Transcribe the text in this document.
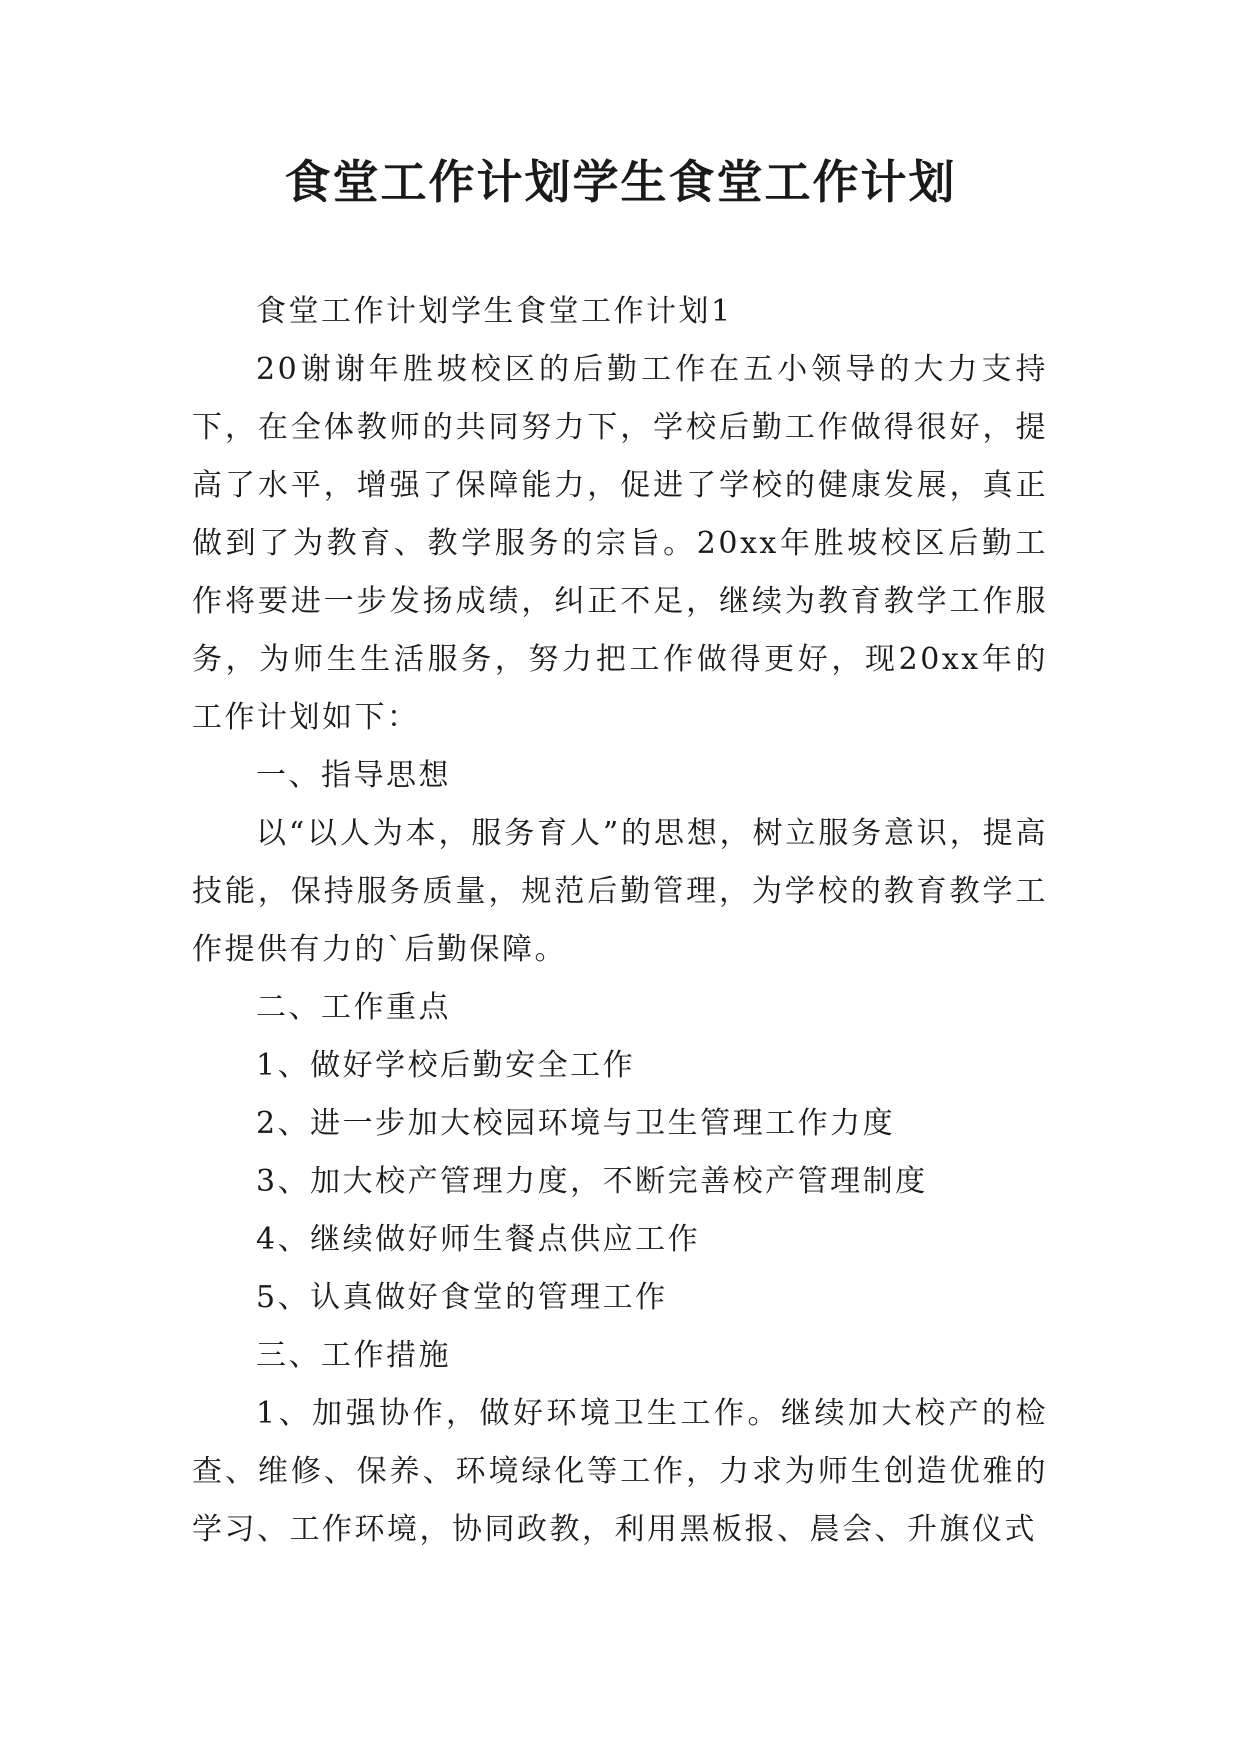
食堂工作计划学生食堂工作计划

食堂工作计划学生食堂工作计划1

20谢谢年胜坡校区的后勤工作在五小领导的大力支持下，在全体教师的共同努力下，学校后勤工作做得很好，提高了水平，增强了保障能力，促进了学校的健康发展，真正做到了为教育、教学服务的宗旨。20xx年胜坡校区后勤工作将要进一步发扬成绩，纠正不足，继续为教育教学工作服务，为师生生活服务，努力把工作做得更好，现20xx年的工作计划如下：

一、指导思想

以“以人为本，服务育人”的思想，树立服务意识，提高技能，保持服务质量，规范后勤管理，为学校的教育教学工作提供有力的`后勤保障。

二、工作重点

1、做好学校后勤安全工作

2、进一步加大校园环境与卫生管理工作力度

3、加大校产管理力度，不断完善校产管理制度

4、继续做好师生餐点供应工作

5、认真做好食堂的管理工作

三、工作措施

1、加强协作，做好环境卫生工作。继续加大校产的检查、维修、保养、环境绿化等工作，力求为师生创造优雅的学习、工作环境，协同政教，利用黑板报、晨会、升旗仪式
